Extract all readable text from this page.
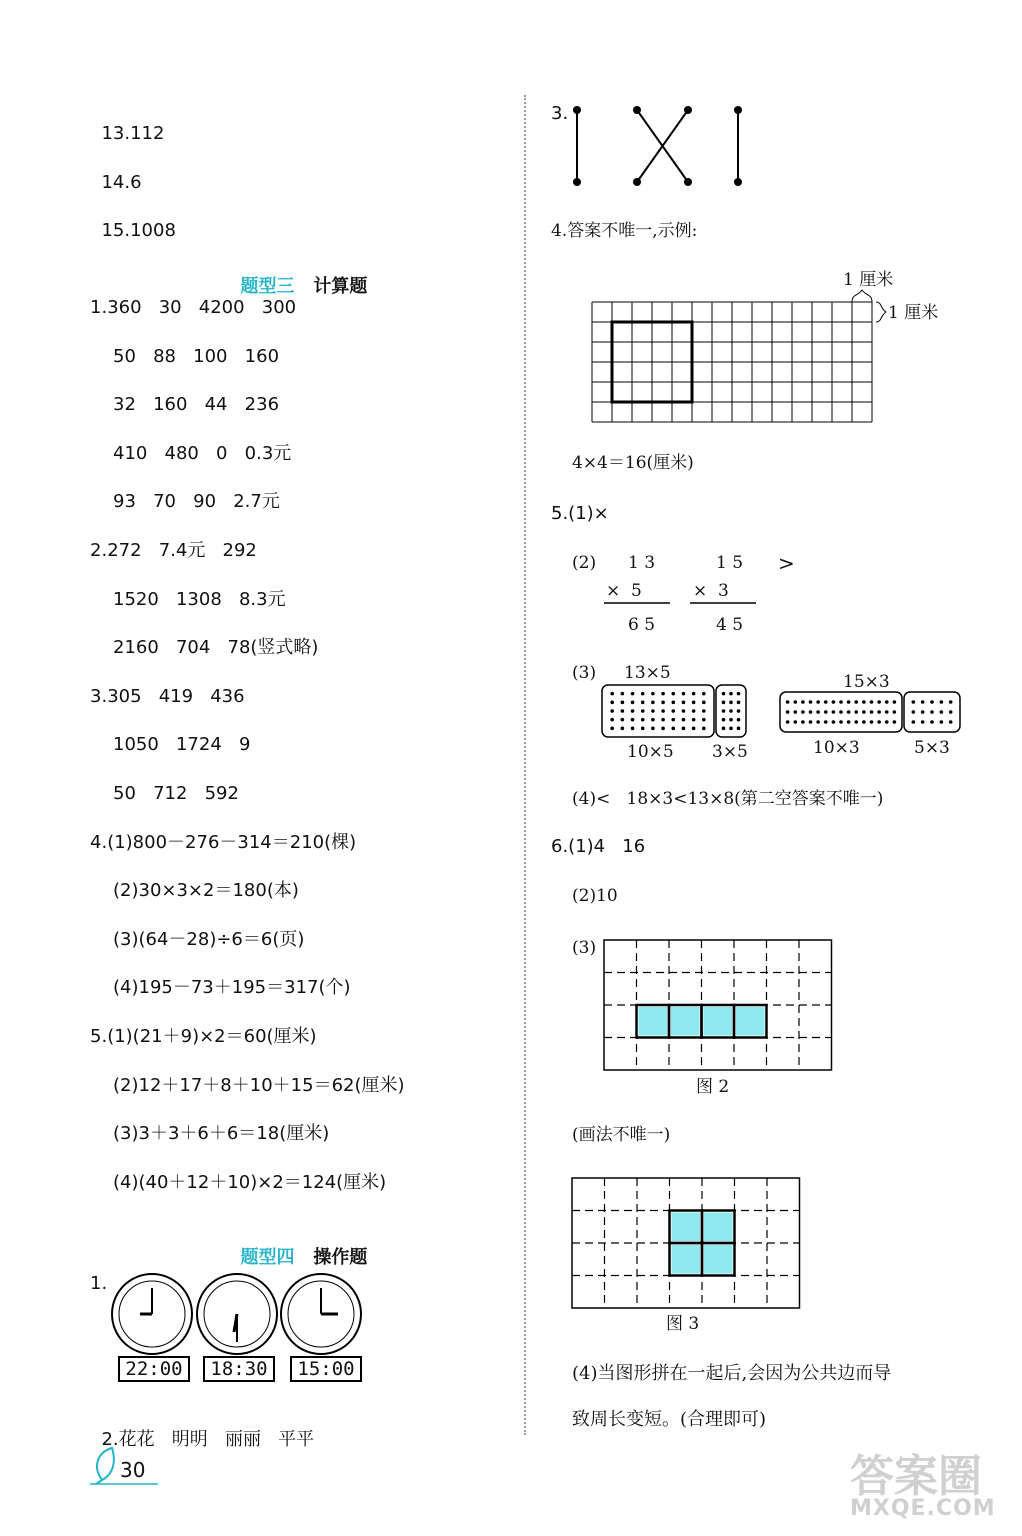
13.112

14.6

15.1008

题型三 计算题

1.360   30   4200   300
50   88   100   160
32   160   44   236
410   480   0   0.3元
93   70   90   2.7元
2.272   7.4元   292
1520   1308   8.3元
2160   704   78(竖式略)
3.305   419   436
1050   1724   9
50   712   592
4.(1)800－276－314＝210(棵)
(2)30×3×2＝180(本)
(3)(64－28)÷6＝6(页)
(4)195－73＋195＝317(个)
5.(1)(21＋9)×2＝60(厘米)
(2)12＋17＋8＋10＋15＝62(厘米)
(3)3＋3＋6＋6＝18(厘米)
(4)(40＋12＋10)×2＝124(厘米)

题型四 操作题

1.
22:00	18:30	15:00

2.花花   明明   丽丽   平平

30
3.
4.答案不唯一,示例:
1 厘米
1 厘米
4×4＝16(厘米)
5.(1)×
(2) 1 3
×  5
6 5
1 5
×  3
4 5
>
(3) 13×5	15×3
10×5 3×5	10×3	5×3
(4)<   18×3<13×8(第二空答案不唯一)
6.(1)4   16
(2)10
(3)
图 2
(画法不唯一)
图 3
(4)当图形拼在一起后,会因为公共边而导
致周长变短。(合理即可)
答案圈
MXQE.COM
